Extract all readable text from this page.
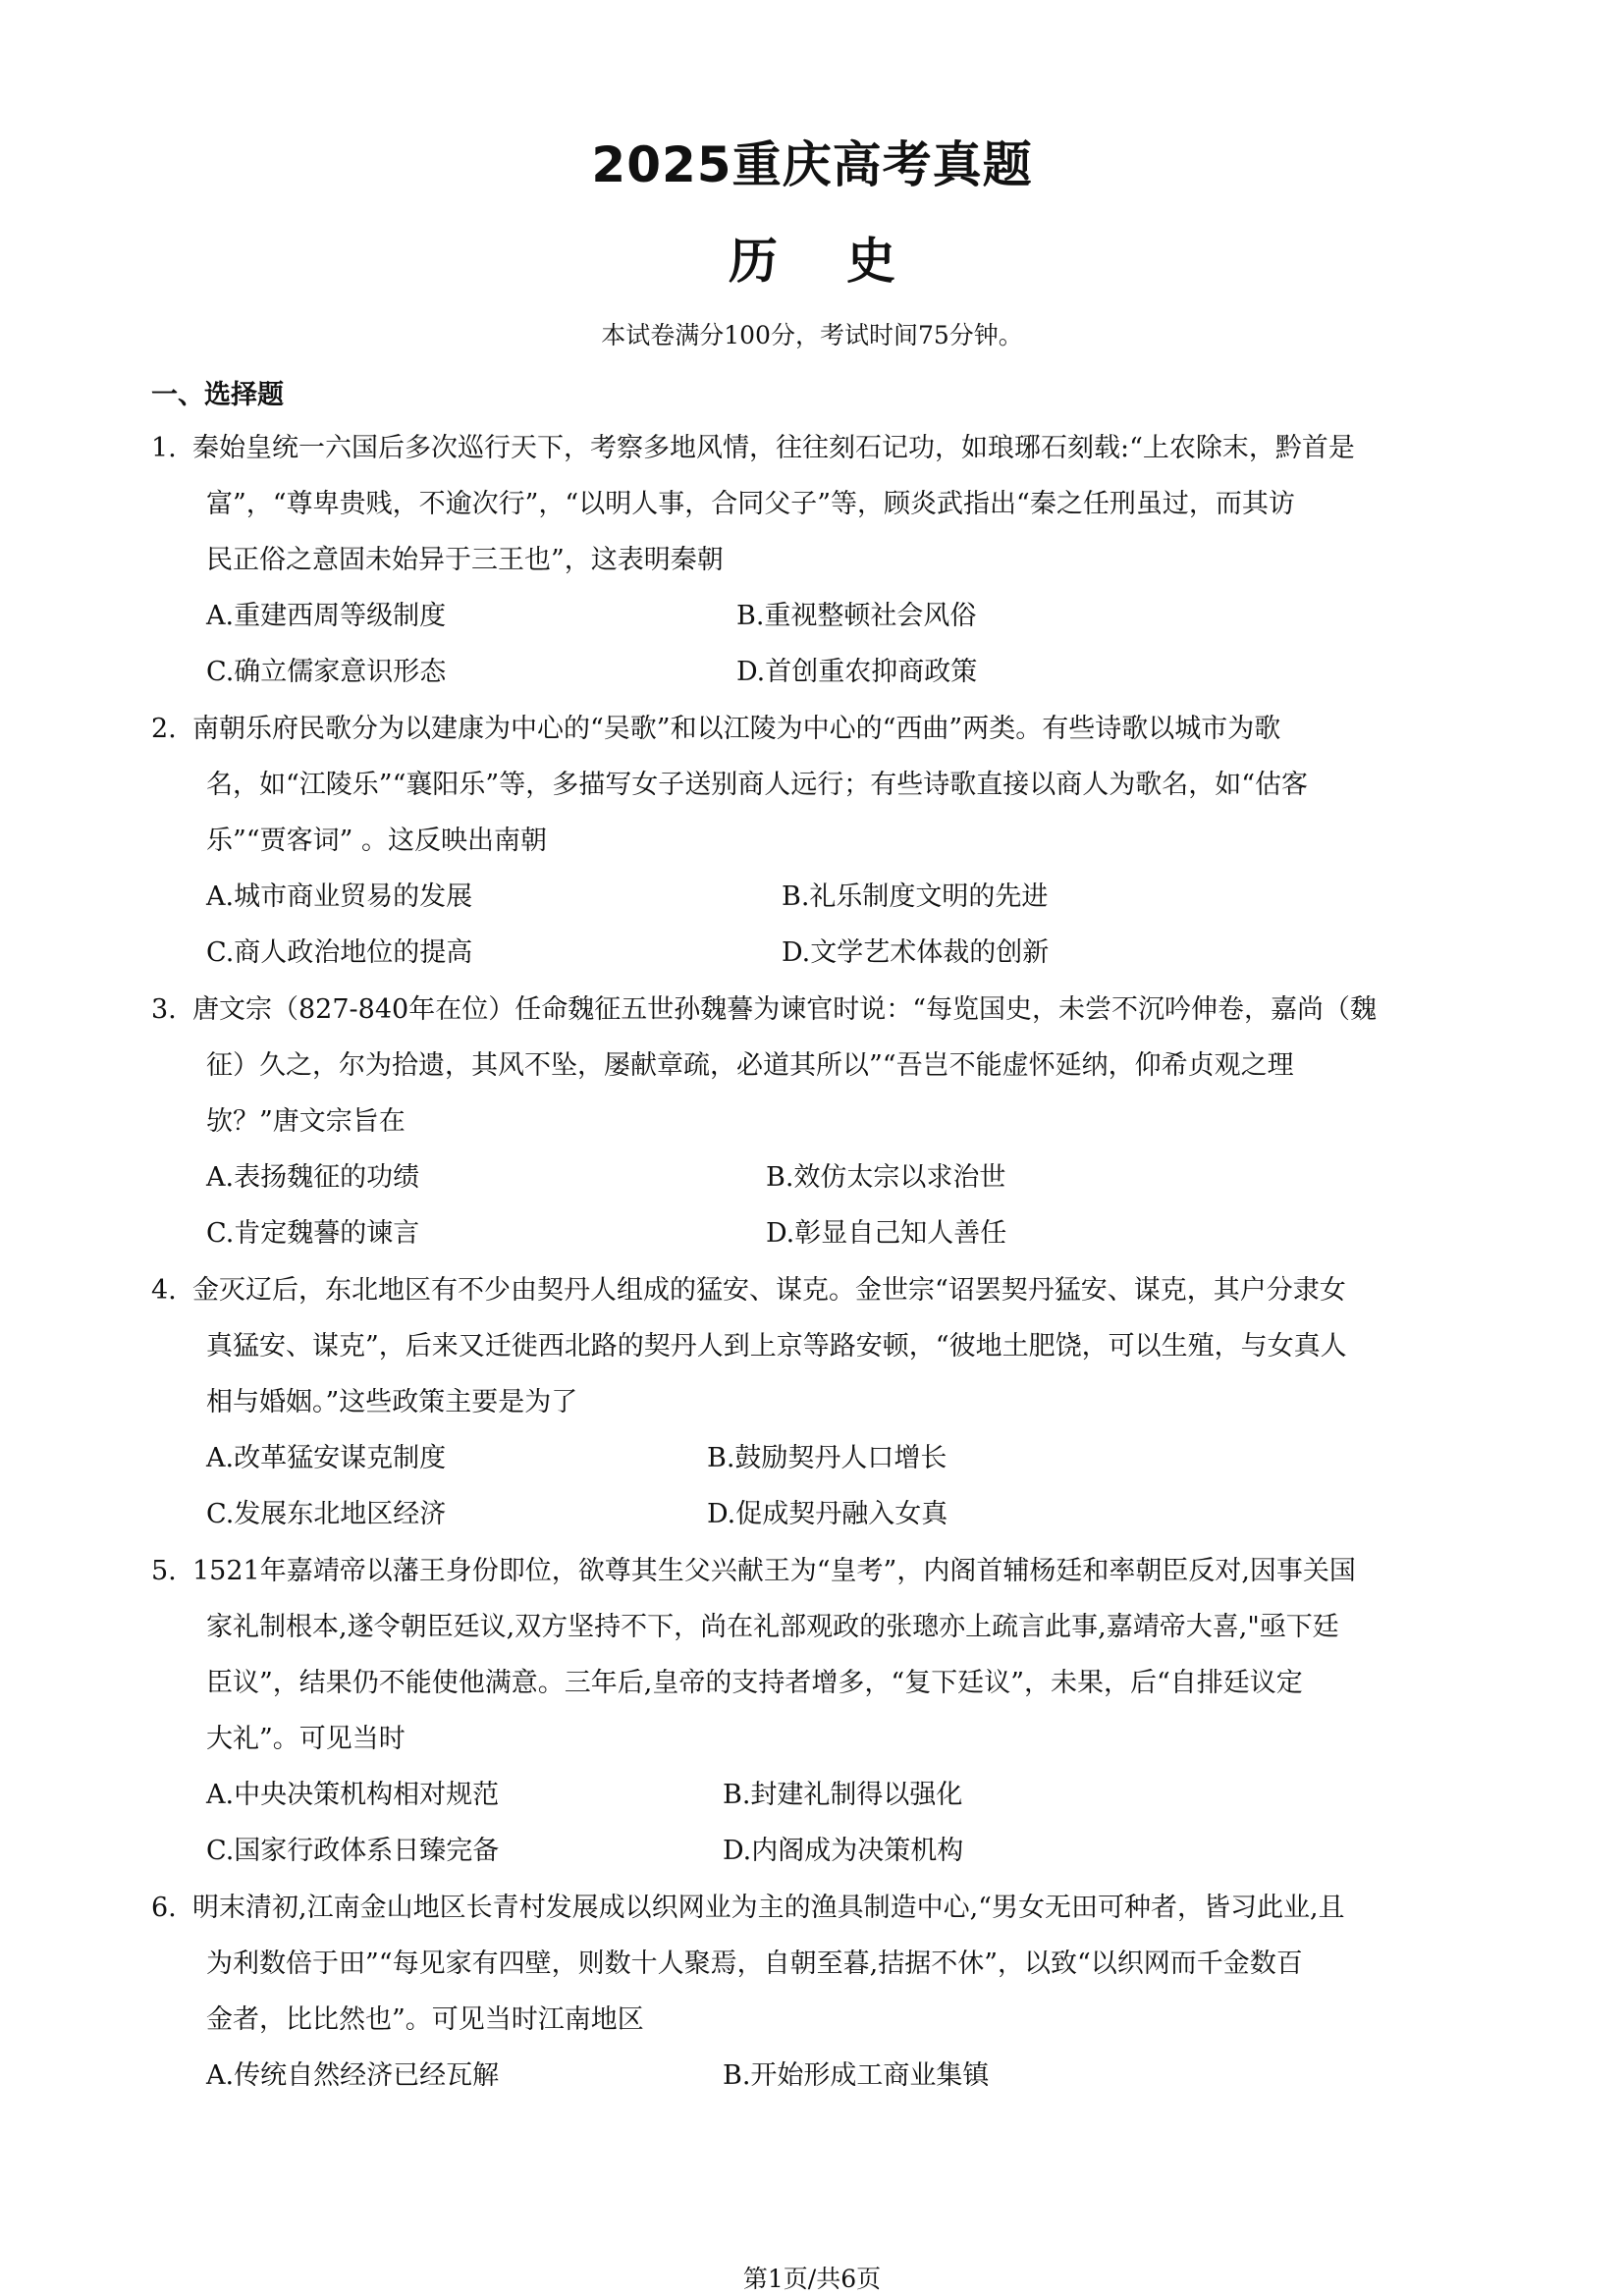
2025重庆高考真题
历史
本试卷满分100分，考试时间75分钟。
一、选择题
1. 秦始皇统一六国后多次巡行天下，考察多地风情，往往刻石记功，如琅琊石刻载:“上农除末，黔首是
富”，“尊卑贵贱，不逾次行”，“以明人事，合同父子”等，顾炎武指出“秦之任刑虽过，而其访
民正俗之意固未始异于三王也”，这表明秦朝
A.重建西周等级制度	B.重视整顿社会风俗
C.确立儒家意识形态	D.首创重农抑商政策
2. 南朝乐府民歌分为以建康为中心的“吴歌”和以江陵为中心的“西曲”两类。有些诗歌以城市为歌
名，如“江陵乐”“襄阳乐”等，多描写女子送别商人远行；有些诗歌直接以商人为歌名，如“估客
乐”“贾客词” 。这反映出南朝
A.城市商业贸易的发展	B.礼乐制度文明的先进
C.商人政治地位的提高	D.文学艺术体裁的创新
3. 唐文宗（827-840年在位）任命魏征五世孙魏謩为谏官时说：“每览国史，未尝不沉吟伸卷，嘉尚（魏
征）久之，尔为拾遗，其风不坠，屡献章疏，必道其所以”“吾岂不能虚怀延纳，仰希贞观之理
欤？”唐文宗旨在
A.表扬魏征的功绩	B.效仿太宗以求治世
C.肯定魏謩的谏言	D.彰显自己知人善任
4. 金灭辽后，东北地区有不少由契丹人组成的猛安、谋克。金世宗“诏罢契丹猛安、谋克，其户分隶女
真猛安、谋克”，后来又迁徙西北路的契丹人到上京等路安顿，“彼地土肥饶，可以生殖，与女真人
相与婚姻。”这些政策主要是为了
A.改革猛安谋克制度	B.鼓励契丹人口增长
C.发展东北地区经济	D.促成契丹融入女真
5. 1521年嘉靖帝以藩王身份即位，欲尊其生父兴献王为“皇考”，内阁首辅杨廷和率朝臣反对,因事关国
家礼制根本,遂令朝臣廷议,双方坚持不下，尚在礼部观政的张璁亦上疏言此事,嘉靖帝大喜,"亟下廷
臣议”，结果仍不能使他满意。三年后,皇帝的支持者增多，“复下廷议”，未果，后“自排廷议定
大礼”。可见当时
A.中央决策机构相对规范	B.封建礼制得以强化
C.国家行政体系日臻完备	D.内阁成为决策机构
6. 明末清初,江南金山地区长青村发展成以织网业为主的渔具制造中心,“男女无田可种者，皆习此业,且
为利数倍于田”“每见家有四壁，则数十人聚焉，自朝至暮,拮据不休”，以致“以织网而千金数百
金者，比比然也”。可见当时江南地区
A.传统自然经济已经瓦解	B.开始形成工商业集镇
第1页/共6页
